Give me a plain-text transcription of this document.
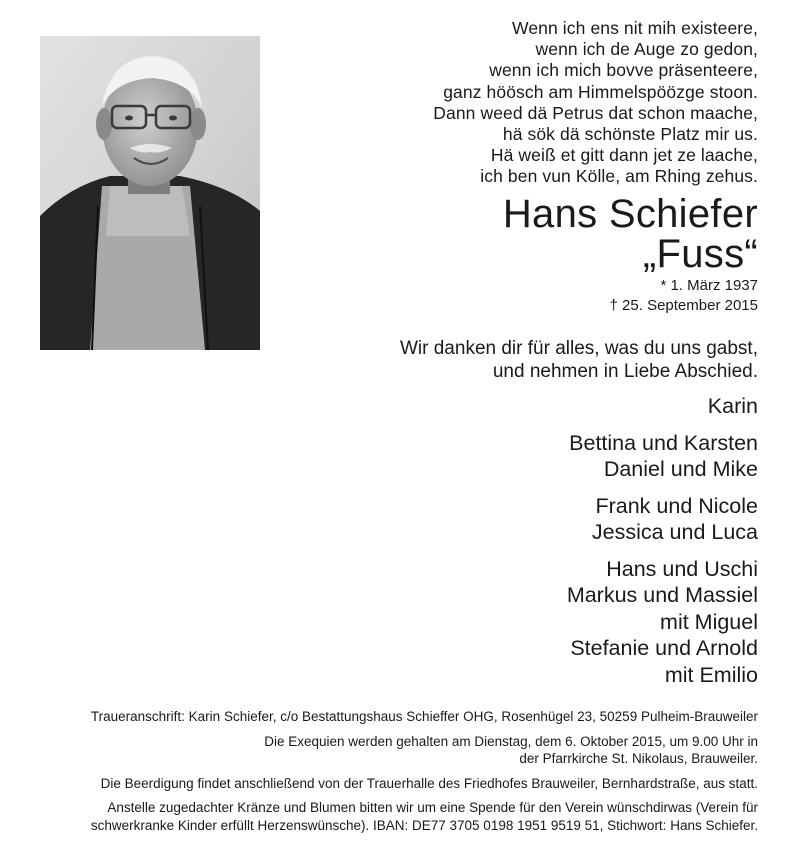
Wenn ich ens nit mih existeere,
wenn ich de Auge zo gedon,
wenn ich mich bovve präsenteere,
ganz höösch am Himmelspöözge stoon.
Dann weed dä Petrus dat schon maache,
hä sök dä schönste Platz mir us.
Hä weiß et gitt dann jet ze laache,
ich ben vun Kölle, am Rhing zehus.
Hans Schiefer
„Fuss“
* 1. März 1937
† 25. September 2015
Wir danken dir für alles, was du uns gabst,
und nehmen in Liebe Abschied.
Karin
Bettina und Karsten
Daniel und Mike
Frank und Nicole
Jessica und Luca
Hans und Uschi
Markus und Massiel
mit Miguel
Stefanie und Arnold
mit Emilio

Traueranschrift: Karin Schiefer, c/o Bestattungshaus Schieffer OHG, Rosenhügel 23, 50259 Pulheim-Brauweiler

Die Exequien werden gehalten am Dienstag, dem 6. Oktober 2015, um 9.00 Uhr in
der Pfarrkirche St. Nikolaus, Brauweiler.

Die Beerdigung findet anschließend von der Trauerhalle des Friedhofes Brauweiler, Bernhardstraße, aus statt.

Anstelle zugedachter Kränze und Blumen bitten wir um eine Spende für den Verein wünschdirwas (Verein für
schwerkranke Kinder erfüllt Herzenswünsche). IBAN: DE77 3705 0198 1951 9519 51, Stichwort: Hans Schiefer.
